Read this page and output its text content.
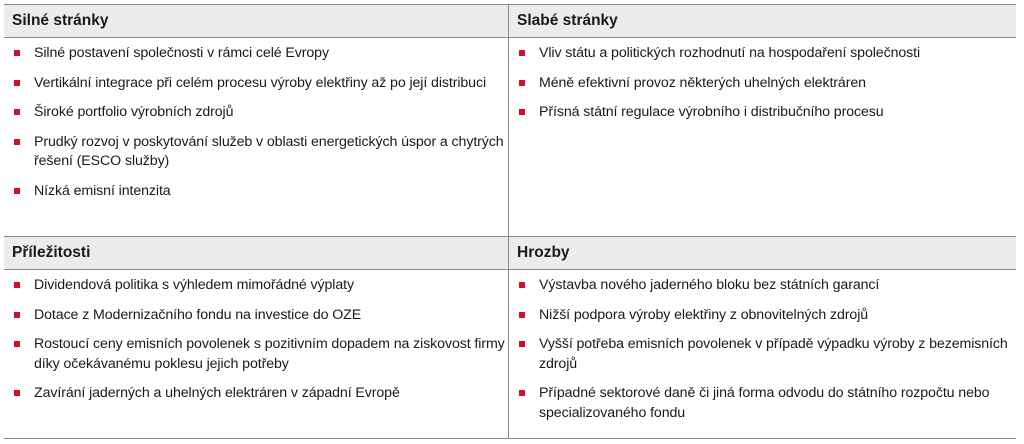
Silné stránky
Silné postavení společnosti v rámci celé Evropy
Vertikální integrace při celém procesu výroby elektřiny až po její distribuci
Široké portfolio výrobních zdrojů
Prudký rozvoj v poskytování služeb v oblasti energetických úspor a chytrých řešení (ESCO služby)
Nízká emisní intenzita
Slabé stránky
Vliv státu a politických rozhodnutí na hospodaření společnosti
Méně efektivní provoz některých uhelných elektráren
Přísná státní regulace výrobního i distribučního procesu
Příležitosti
Dividendová politika s výhledem mimořádné výplaty
Dotace z Modernizačního fondu na investice do OZE
Rostoucí ceny emisních povolenek s pozitivním dopadem na ziskovost firmy díky očekávanému poklesu jejich potřeby
Zavírání jaderných a uhelných elektráren v západní Evropě
Hrozby
Výstavba nového jaderného bloku bez státních garancí
Nižší podpora výroby elektřiny z obnovitelných zdrojů
Vyšší potřeba emisních povolenek v případě výpadku výroby z bezemisních zdrojů
Případné sektorové daně či jiná forma odvodu do státního rozpočtu nebo specializovaného fondu
